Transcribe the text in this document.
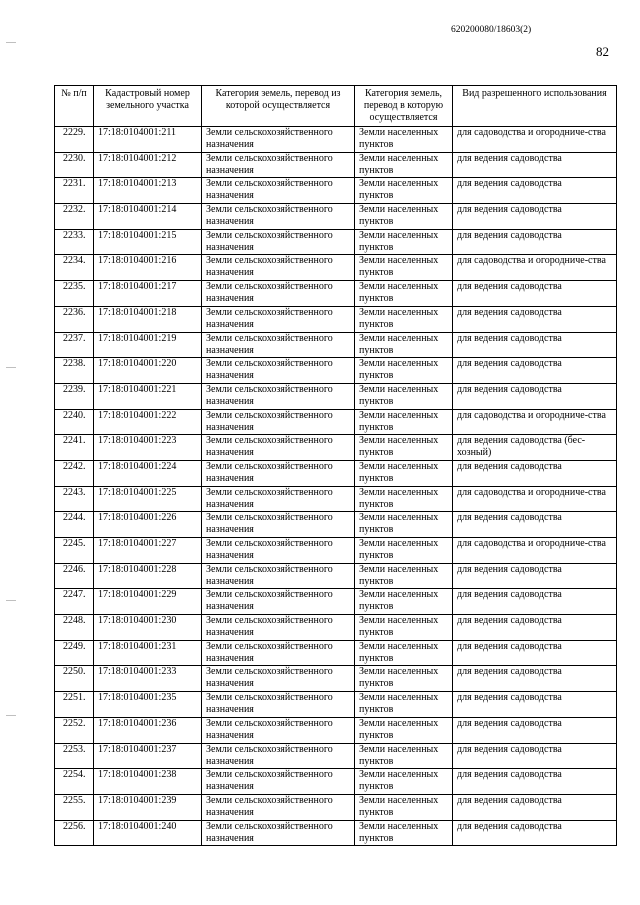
620200080/18603(2)
82
№ п/п	Кадастровый номер земельного участка	Категория земель, перевод из которой осуществляется	Категория земель, перевод в которую осуществляется	Вид разрешенного использования
2229.	17:18:0104001:211	Земли сельскохозяйственного назначения	Земли населенных пунктов	для садоводства и огородниче-ства
2230.	17:18:0104001:212	Земли сельскохозяйственного назначения	Земли населенных пунктов	для ведения садоводства
2231.	17:18:0104001:213	Земли сельскохозяйственного назначения	Земли населенных пунктов	для ведения садоводства
2232.	17:18:0104001:214	Земли сельскохозяйственного назначения	Земли населенных пунктов	для ведения садоводства
2233.	17:18:0104001:215	Земли сельскохозяйственного назначения	Земли населенных пунктов	для ведения садоводства
2234.	17:18:0104001:216	Земли сельскохозяйственного назначения	Земли населенных пунктов	для садоводства и огородниче-ства
2235.	17:18:0104001:217	Земли сельскохозяйственного назначения	Земли населенных пунктов	для ведения садоводства
2236.	17:18:0104001:218	Земли сельскохозяйственного назначения	Земли населенных пунктов	для ведения садоводства
2237.	17:18:0104001:219	Земли сельскохозяйственного назначения	Земли населенных пунктов	для ведения садоводства
2238.	17:18:0104001:220	Земли сельскохозяйственного назначения	Земли населенных пунктов	для ведения садоводства
2239.	17:18:0104001:221	Земли сельскохозяйственного назначения	Земли населенных пунктов	для ведения садоводства
2240.	17:18:0104001:222	Земли сельскохозяйственного назначения	Земли населенных пунктов	для садоводства и огородниче-ства
2241.	17:18:0104001:223	Земли сельскохозяйственного назначения	Земли населенных пунктов	для ведения садоводства (бес-хозный)
2242.	17:18:0104001:224	Земли сельскохозяйственного назначения	Земли населенных пунктов	для ведения садоводства
2243.	17:18:0104001:225	Земли сельскохозяйственного назначения	Земли населенных пунктов	для садоводства и огородниче-ства
2244.	17:18:0104001:226	Земли сельскохозяйственного назначения	Земли населенных пунктов	для ведения садоводства
2245.	17:18:0104001:227	Земли сельскохозяйственного назначения	Земли населенных пунктов	для садоводства и огородниче-ства
2246.	17:18:0104001:228	Земли сельскохозяйственного назначения	Земли населенных пунктов	для ведения садоводства
2247.	17:18:0104001:229	Земли сельскохозяйственного назначения	Земли населенных пунктов	для ведения садоводства
2248.	17:18:0104001:230	Земли сельскохозяйственного назначения	Земли населенных пунктов	для ведения садоводства
2249.	17:18:0104001:231	Земли сельскохозяйственного назначения	Земли населенных пунктов	для ведения садоводства
2250.	17:18:0104001:233	Земли сельскохозяйственного назначения	Земли населенных пунктов	для ведения садоводства
2251.	17:18:0104001:235	Земли сельскохозяйственного назначения	Земли населенных пунктов	для ведения садоводства
2252.	17:18:0104001:236	Земли сельскохозяйственного назначения	Земли населенных пунктов	для ведения садоводства
2253.	17:18:0104001:237	Земли сельскохозяйственного назначения	Земли населенных пунктов	для ведения садоводства
2254.	17:18:0104001:238	Земли сельскохозяйственного назначения	Земли населенных пунктов	для ведения садоводства
2255.	17:18:0104001:239	Земли сельскохозяйственного назначения	Земли населенных пунктов	для ведения садоводства
2256.	17:18:0104001:240	Земли сельскохозяйственного назначения	Земли населенных пунктов	для ведения садоводства
